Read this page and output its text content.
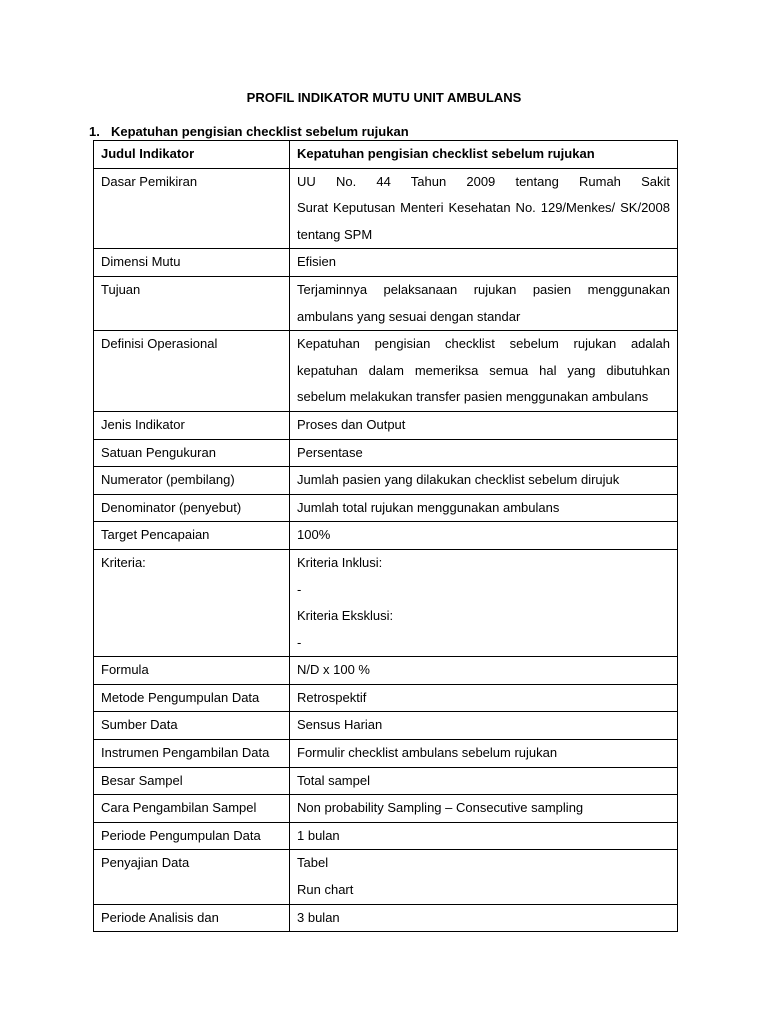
PROFIL INDIKATOR MUTU UNIT AMBULANS
1. Kepatuhan pengisian checklist sebelum rujukan
Judul Indikator	Kepatuhan pengisian checklist sebelum rujukan
Dasar Pemikiran	UU No. 44 Tahun 2009 tentang Rumah Sakit
Surat Keputusan Menteri Kesehatan No. 129/Menkes/ SK/2008 tentang SPM

Dimensi Mutu	Efisien
Tujuan	Terjaminnya pelaksanaan rujukan pasien menggunakan ambulans yang sesuai dengan standar
Definisi Operasional	Kepatuhan pengisian checklist sebelum rujukan adalah kepatuhan dalam memeriksa semua hal yang dibutuhkan sebelum melakukan transfer pasien menggunakan ambulans
Jenis Indikator	Proses dan Output
Satuan Pengukuran	Persentase
Numerator (pembilang)	Jumlah pasien yang dilakukan checklist sebelum dirujuk
Denominator (penyebut)	Jumlah total rujukan menggunakan ambulans
Target Pencapaian	100%
Kriteria:	Kriteria Inklusi:
-
Kriteria Eksklusi:
-

Formula	N/D x 100 %
Metode Pengumpulan Data	Retrospektif
Sumber Data	Sensus Harian
Instrumen Pengambilan Data	Formulir checklist ambulans sebelum rujukan
Besar Sampel	Total sampel
Cara Pengambilan Sampel	Non probability Sampling – Consecutive sampling
Periode Pengumpulan Data	1 bulan
Penyajian Data	Tabel
Run chart

Periode Analisis dan	3 bulan
